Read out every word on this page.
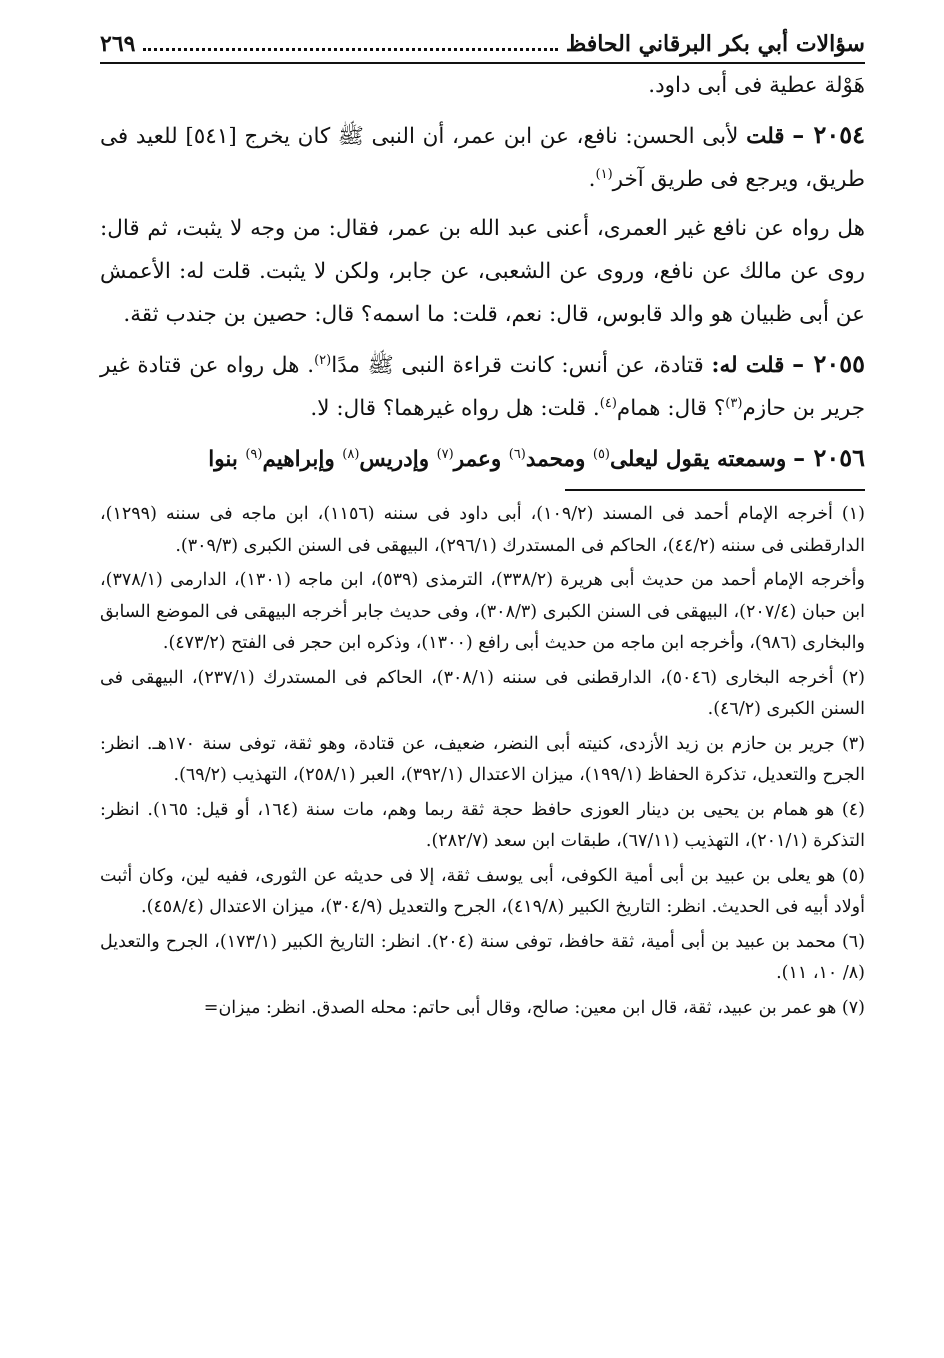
سؤالات أبي بكر البرقاني الحافظ
٢٦٩

هَوْلة عطية فى أبى داود.

٢٠٥٤ – قلت لأبى الحسن: نافع، عن ابن عمر، أن النبى ﷺ كان يخرج [٥٤١] للعيد فى طريق، ويرجع فى طريق آخر$^{(١)}$.

هل رواه عن نافع غير العمرى، أعنى عبد الله بن عمر، فقال: من وجه لا يثبت، ثم قال: روى عن مالك عن نافع، وروى عن الشعبى، عن جابر، ولكن لا يثبت. قلت له: الأعمش عن أبى ظبيان هو والد قابوس، قال: نعم، قلت: ما اسمه؟ قال: حصين بن جندب ثقة.

٢٠٥٥ – قلت له: قتادة، عن أنس: كانت قراءة النبى ﷺ مدًا$^{(٢)}$. هل رواه عن قتادة غير جرير بن حازم$^{(٣)}$؟ قال: همام$^{(٤)}$. قلت: هل رواه غيرهما؟ قال: لا.

٢٠٥٦ – وسمعته يقول ليعلى$^{(٥)}$ ومحمد$^{(٦)}$ وعمر$^{(٧)}$ وإدريس$^{(٨)}$ وإبراهيم$^{(٩)}$ بنوا

(١) أخرجه الإمام أحمد فى المسند (١٠٩/٢)، أبى داود فى سننه (١١٥٦)، ابن ماجه فى سننه (١٢٩٩)، الدارقطنى فى سننه (٤٤/٢)، الحاكم فى المستدرك (٢٩٦/١)، البيهقى فى السنن الكبرى (٣٠٩/٣).

وأخرجه الإمام أحمد من حديث أبى هريرة (٣٣٨/٢)، الترمذى (٥٣٩)، ابن ماجه (١٣٠١)، الدارمى (٣٧٨/١)، ابن حبان (٢٠٧/٤)، البيهقى فى السنن الكبرى (٣٠٨/٣)، وفى حديث جابر أخرجه البيهقى فى الموضع السابق والبخارى (٩٨٦)، وأخرجه ابن ماجه من حديث أبى رافع (١٣٠٠)، وذكره ابن حجر فى الفتح (٤٧٣/٢).

(٢) أخرجه البخارى (٥٠٤٦)، الدارقطنى فى سننه (٣٠٨/١)، الحاكم فى المستدرك (٢٣٧/١)، البيهقى فى السنن الكبرى (٤٦/٢).

(٣) جرير بن حازم بن زيد الأزدى، كنيته أبى النضر، ضعيف، عن قتادة، وهو ثقة، توفى سنة ١٧٠هـ. انظر: الجرح والتعديل، تذكرة الحفاظ (١٩٩/١)، ميزان الاعتدال (٣٩٢/١)، العبر (٢٥٨/١)، التهذيب (٦٩/٢).

(٤) هو همام بن يحيى بن دينار العوزى حافظ حجة ثقة ربما وهم، مات سنة (١٦٤، أو قيل: ١٦٥). انظر: التذكرة (٢٠١/١)، التهذيب (٦٧/١١)، طبقات ابن سعد (٢٨٢/٧).

(٥) هو يعلى بن عبيد بن أبى أمية الكوفى، أبى يوسف ثقة، إلا فى حديثه عن الثورى، ففيه لين، وكان أثبت أولاد أبيه فى الحديث. انظر: التاريخ الكبير (٤١٩/٨)، الجرح والتعديل (٣٠٤/٩)، ميزان الاعتدال (٤٥٨/٤).

(٦) محمد بن عبيد بن أبى أمية، ثقة حافظ، توفى سنة (٢٠٤). انظر: التاريخ الكبير (١٧٣/١)، الجرح والتعديل (٨/ ١٠، ١١).

(٧) هو عمر بن عبيد، ثقة، قال ابن معين: صالح، وقال أبى حاتم: محله الصدق. انظر: ميزان=
